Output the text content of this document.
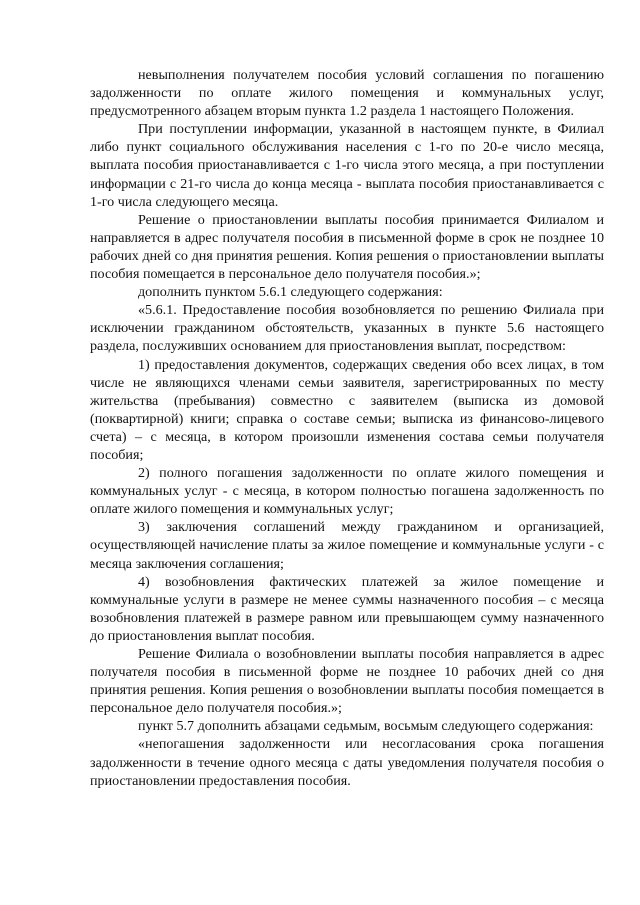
невыполнения получателем пособия условий соглашения по погашению задолженности по оплате жилого помещения и коммунальных услуг, предусмотренного абзацем вторым пункта 1.2 раздела 1 настоящего Положения.

При поступлении информации, указанной в настоящем пункте, в Филиал либо пункт социального обслуживания населения с 1-го по 20-е число месяца, выплата пособия приостанавливается с 1-го числа этого месяца, а при поступлении информации с 21-го числа до конца месяца - выплата пособия приостанавливается с 1-го числа следующего месяца.

Решение о приостановлении выплаты пособия принимается Филиалом и направляется в адрес получателя пособия в письменной форме в срок не позднее 10 рабочих дней со дня принятия решения. Копия решения о приостановлении выплаты пособия помещается в персональное дело получателя пособия.»;

дополнить пунктом 5.6.1 следующего содержания:

«5.6.1. Предоставление пособия возобновляется по решению Филиала при исключении гражданином обстоятельств, указанных в пункте 5.6 настоящего раздела, послуживших основанием для приостановления выплат, посредством:

1) предоставления документов, содержащих сведения обо всех лицах, в том числе не являющихся членами семьи заявителя, зарегистрированных по месту жительства (пребывания) совместно с заявителем (выписка из домовой (поквартирной) книги; справка о составе семьи; выписка из финансово-лицевого счета) – с месяца, в котором произошли изменения состава семьи получателя пособия;

2) полного погашения задолженности по оплате жилого помещения и коммунальных услуг - с месяца, в котором полностью погашена задолженность по оплате жилого помещения и коммунальных услуг;

3) заключения соглашений между гражданином и организацией, осуществляющей начисление платы за жилое помещение и коммунальные услуги - с месяца заключения соглашения;

4) возобновления фактических платежей за жилое помещение и коммунальные услуги в размере не менее суммы назначенного пособия – с месяца возобновления платежей в размере равном или превышающем сумму назначенного до приостановления выплат пособия.

Решение Филиала о возобновлении выплаты пособия направляется в адрес получателя пособия в письменной форме не позднее 10 рабочих дней со дня принятия решения. Копия решения о возобновлении выплаты пособия помещается в персональное дело получателя пособия.»;

пункт 5.7 дополнить абзацами седьмым, восьмым следующего содержания:

«непогашения задолженности или несогласования срока погашения задолженности в течение одного месяца с даты уведомления получателя пособия о приостановлении предоставления пособия.
